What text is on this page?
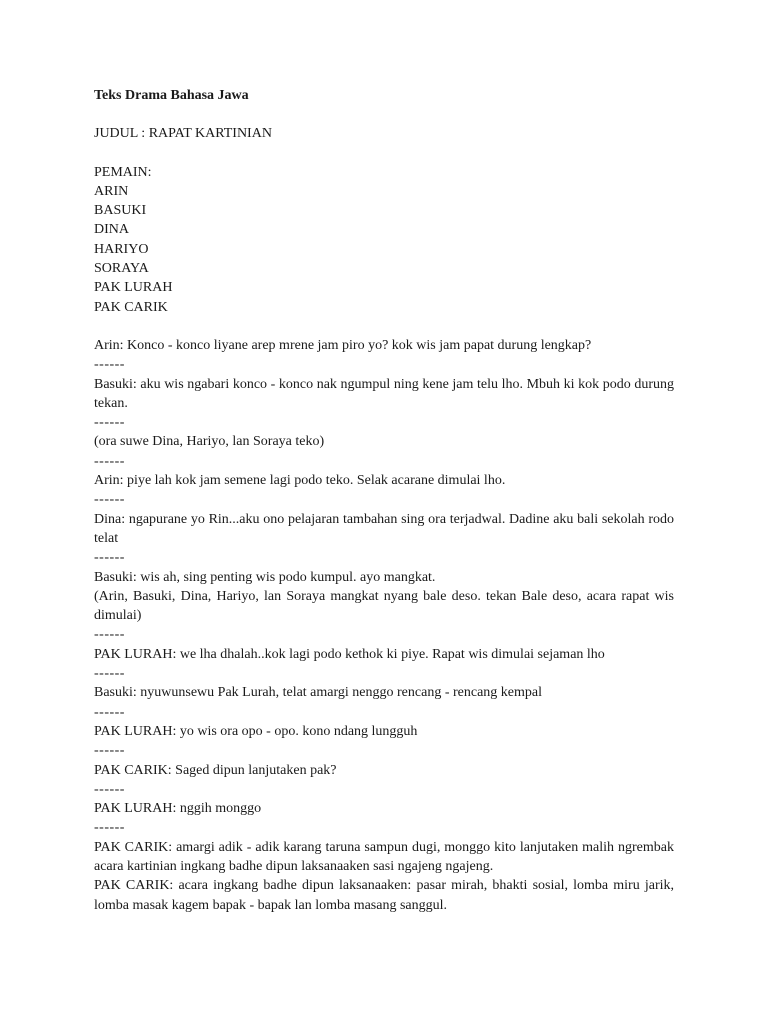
Teks Drama Bahasa Jawa

JUDUL : RAPAT KARTINIAN

PEMAIN:

ARIN

BASUKI

DINA

HARIYO

SORAYA

PAK LURAH

PAK CARIK

Arin: Konco - konco liyane arep mrene jam piro yo? kok wis jam papat durung lengkap?

------

Basuki: aku wis ngabari konco - konco nak ngumpul ning kene jam telu lho. Mbuh ki kok podo durung tekan.

------

(ora suwe Dina, Hariyo, lan Soraya teko)

------

Arin: piye lah kok jam semene lagi podo teko. Selak acarane dimulai lho.

------

Dina: ngapurane yo Rin...aku ono pelajaran tambahan sing ora terjadwal. Dadine aku bali sekolah rodo telat

------

Basuki: wis ah, sing penting wis podo kumpul. ayo mangkat.

(Arin, Basuki, Dina, Hariyo, lan Soraya mangkat nyang bale deso. tekan Bale deso, acara rapat wis dimulai)

------

PAK LURAH: we lha dhalah..kok lagi podo kethok ki piye. Rapat wis dimulai sejaman lho

------

Basuki: nyuwunsewu Pak Lurah, telat amargi nenggo rencang - rencang kempal

------

PAK LURAH: yo wis ora opo - opo. kono ndang lungguh

------

PAK CARIK: Saged dipun lanjutaken pak?

------

PAK LURAH: nggih monggo

------

PAK CARIK: amargi adik - adik karang taruna sampun dugi, monggo kito lanjutaken malih ngrembak acara kartinian ingkang badhe dipun laksanaaken sasi ngajeng ngajeng.

PAK CARIK: acara ingkang badhe dipun laksanaaken: pasar mirah, bhakti sosial, lomba miru jarik, lomba masak kagem bapak - bapak lan lomba masang sanggul.
